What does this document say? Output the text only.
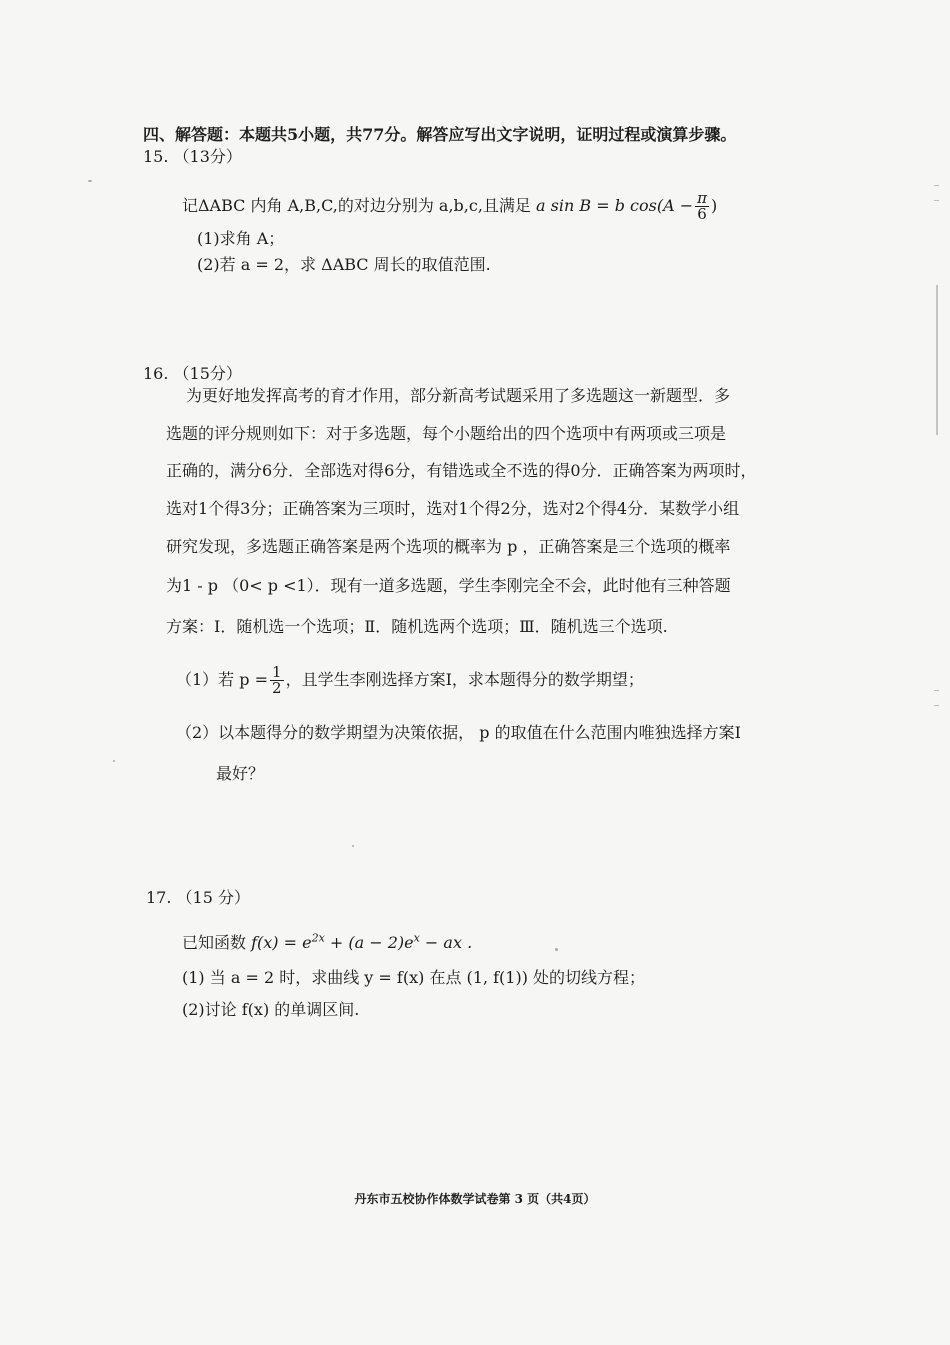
四、解答题：本题共5小题，共77分。解答应写出文字说明，证明过程或演算步骤。
15. （13分）
记ΔABC 内角 A,B,C,的对边分别为 a,b,c,且满足 a sin B = b $\cos(A - \frac{\pi}{6}$ )
(1)求角 A；
(2)若 a = 2，求 ΔABC 周长的取值范围.
16. （15分）
为更好地发挥高考的育才作用，部分新高考试题采用了多选题这一新题型．多
选题的评分规则如下：对于多选题，每个小题给出的四个选项中有两项或三项是
正确的，满分6分．全部选对得6分，有错选或全不选的得0分．正确答案为两项时，
选对1个得3分；正确答案为三项时，选对1个得2分，选对2个得4分．某数学小组
研究发现，多选题正确答案是两个选项的概率为 p ，正确答案是三个选项的概率
为1 - p （0< p <1）．现有一道多选题，学生李刚完全不会，此时他有三种答题
方案：Ⅰ．随机选一个选项；Ⅱ．随机选两个选项；Ⅲ．随机选三个选项.
（1）若 $p = \frac{1}{2}$ ，且学生李刚选择方案Ⅰ，求本题得分的数学期望；
（2）以本题得分的数学期望为决策依据， p 的取值在什么范围内唯独选择方案Ⅰ
最好？
17. （15 分）
已知函数 $f(x) = e^{2x} + (a - 2)e^x$ − ax .
(1) 当 a = 2 时，求曲线 y = f(x) 在点 (1, f(1)) 处的切线方程；
(2)讨论 f(x) 的单调区间.
丹东市五校协作体数学试卷第 3 页（共4页）
